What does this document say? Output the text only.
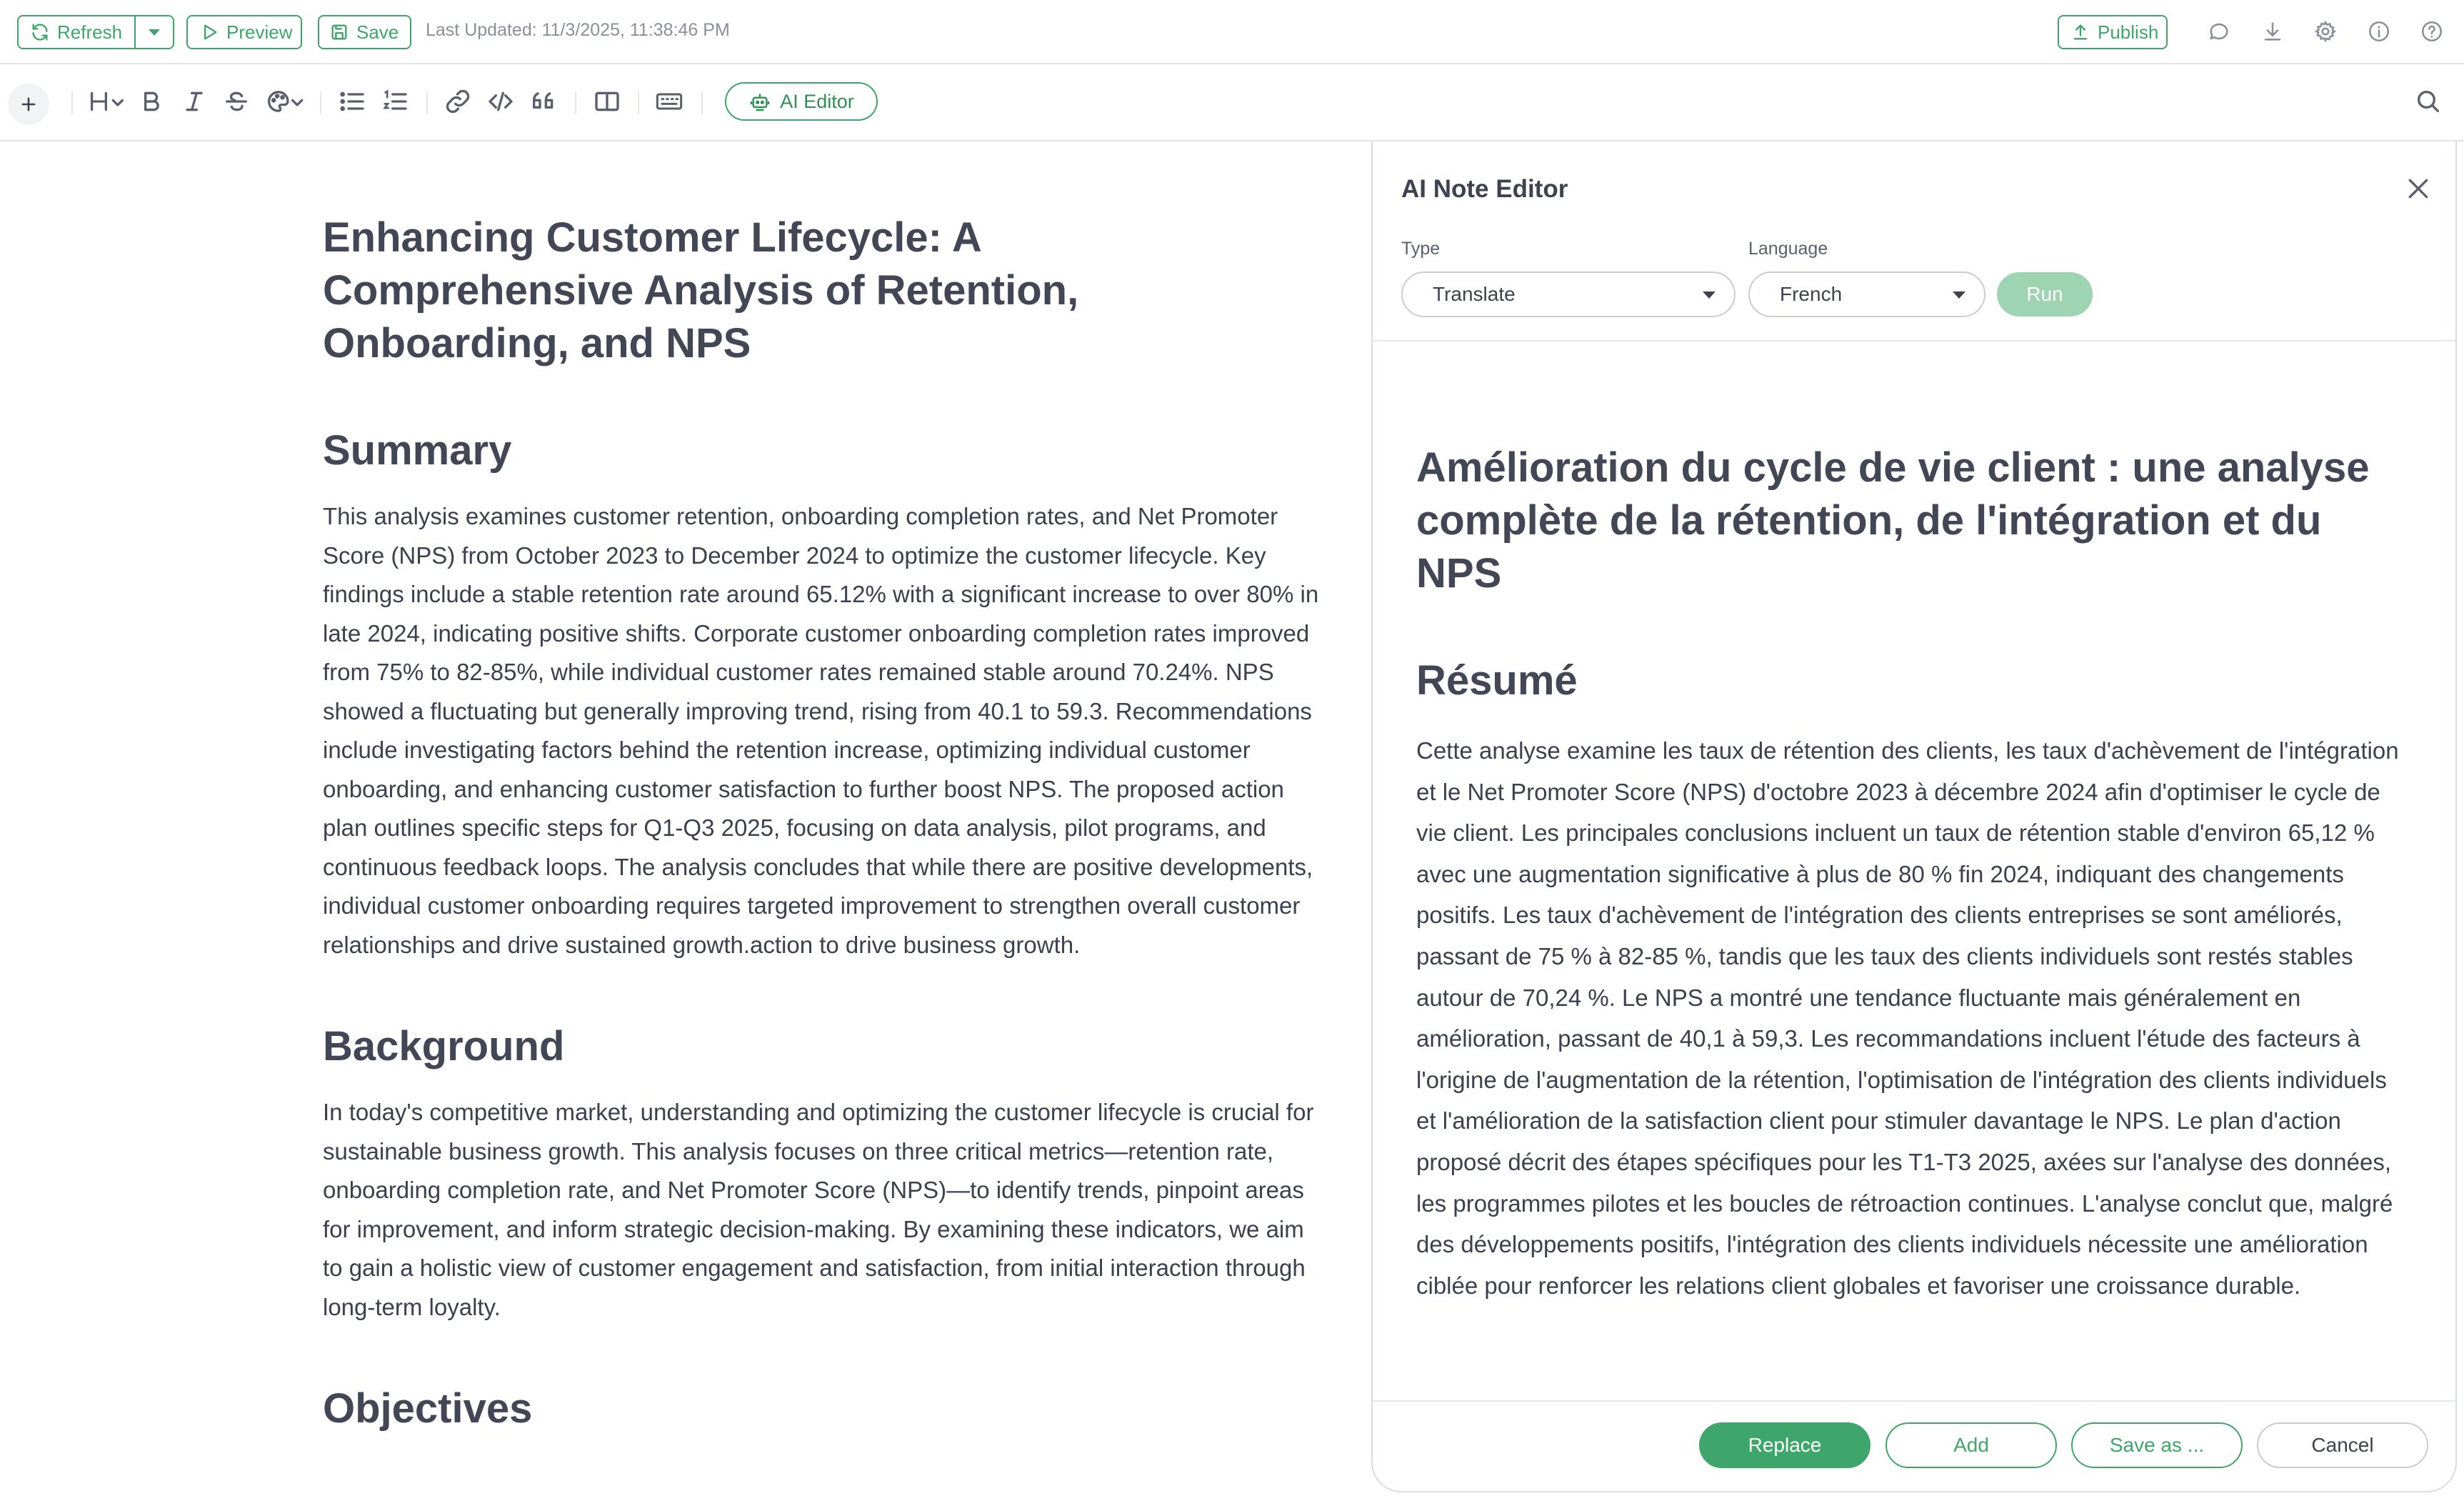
Refresh	Preview	Save Last Updated: 11/3/2025, 11:38:46 PM	Publish
AI Editor
Enhancing Customer Lifecycle: A Comprehensive Analysis of Retention, Onboarding, and NPS
Summary

This analysis examines customer retention, onboarding completion rates, and Net Promoter Score (NPS) from October 2023 to December 2024 to optimize the customer lifecycle. Key findings include a stable retention rate around 65.12% with a significant increase to over 80% in late 2024, indicating positive shifts. Corporate customer onboarding completion rates improved from 75% to 82-85%, while individual customer rates remained stable around 70.24%. NPS showed a fluctuating but generally improving trend, rising from 40.1 to 59.3. Recommendations include investigating factors behind the retention increase, optimizing individual customer onboarding, and enhancing customer satisfaction to further boost NPS. The proposed action plan outlines specific steps for Q1-Q3 2025, focusing on data analysis, pilot programs, and continuous feedback loops. The analysis concludes that while there are positive developments, individual customer onboarding requires targeted improvement to strengthen overall customer relationships and drive sustained growth.action to drive business growth.

Background

In today's competitive market, understanding and optimizing the customer lifecycle is crucial for sustainable business growth. This analysis focuses on three critical metrics—retention rate, onboarding completion rate, and Net Promoter Score (NPS)—to identify trends, pinpoint areas for improvement, and inform strategic decision-making. By examining these indicators, we aim to gain a holistic view of customer engagement and satisfaction, from initial interaction through long-term loyalty.

Objectives
AI Note Editor
Type
Translate
Language
French	Run
Amélioration du cycle de vie client : une analyse complète de la rétention, de l'intégration et du NPS
Résumé

Cette analyse examine les taux de rétention des clients, les taux d'achèvement de l'intégration et le Net Promoter Score (NPS) d'octobre 2023 à décembre 2024 afin d'optimiser le cycle de vie client. Les principales conclusions incluent un taux de rétention stable d'environ 65,12 % avec une augmentation significative à plus de 80 % fin 2024, indiquant des changements positifs. Les taux d'achèvement de l'intégration des clients entreprises se sont améliorés, passant de 75 % à 82-85 %, tandis que les taux des clients individuels sont restés stables autour de 70,24 %. Le NPS a montré une tendance fluctuante mais généralement en amélioration, passant de 40,1 à 59,3. Les recommandations incluent l'étude des facteurs à l'origine de l'augmentation de la rétention, l'optimisation de l'intégration des clients individuels et l'amélioration de la satisfaction client pour stimuler davantage le NPS. Le plan d'action proposé décrit des étapes spécifiques pour les T1-T3 2025, axées sur l'analyse des données, les programmes pilotes et les boucles de rétroaction continues. L'analyse conclut que, malgré des développements positifs, l'intégration des clients individuels nécessite une amélioration ciblée pour renforcer les relations client globales et favoriser une croissance durable.

Replace	Add	Save as ...	Cancel
